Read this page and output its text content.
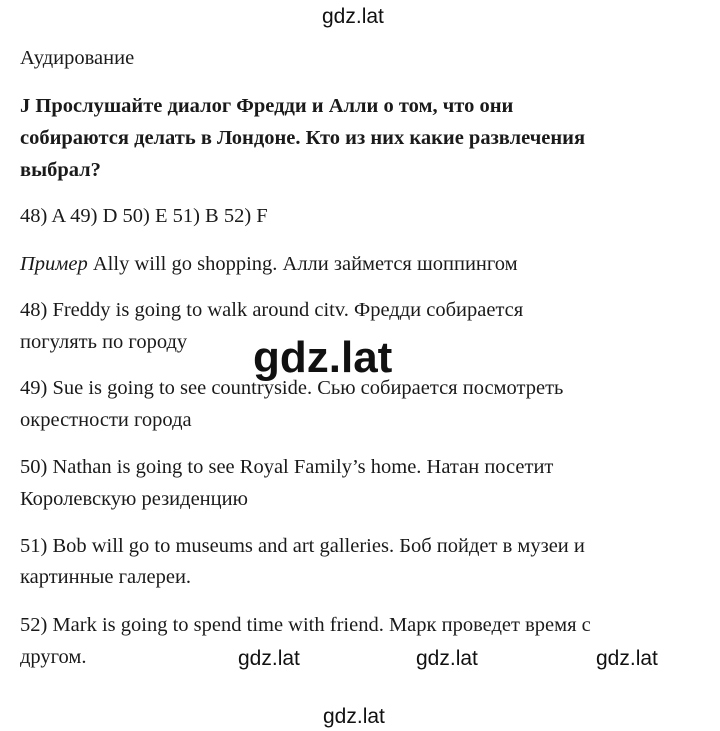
gdz.lat
Аудирование
J Прослушайте диалог Фредди и Алли о том, что они
собираются делать в Лондоне. Кто из них какие развлечения
выбрал?
48) A 49) D 50) E 51) B 52) F
Пример Ally will go shopping. Алли займется шоппингом
48) Freddy is going to walk around citv. Фредди собирается
погулять по городу
49) Sue is going to see countryside. Сью собирается посмотреть
окрестности города
50) Nathan is going to see Royal Family’s home. Натан посетит
Королевскую резиденцию
51) Bob will go to museums and art galleries. Боб пойдет в музеи и
картинные галереи.
52) Mark is going to spend time with friend. Марк проведет время с
другом.
gdz.lat
gdz.lat	gdz.lat	gdz.lat
gdz.lat
